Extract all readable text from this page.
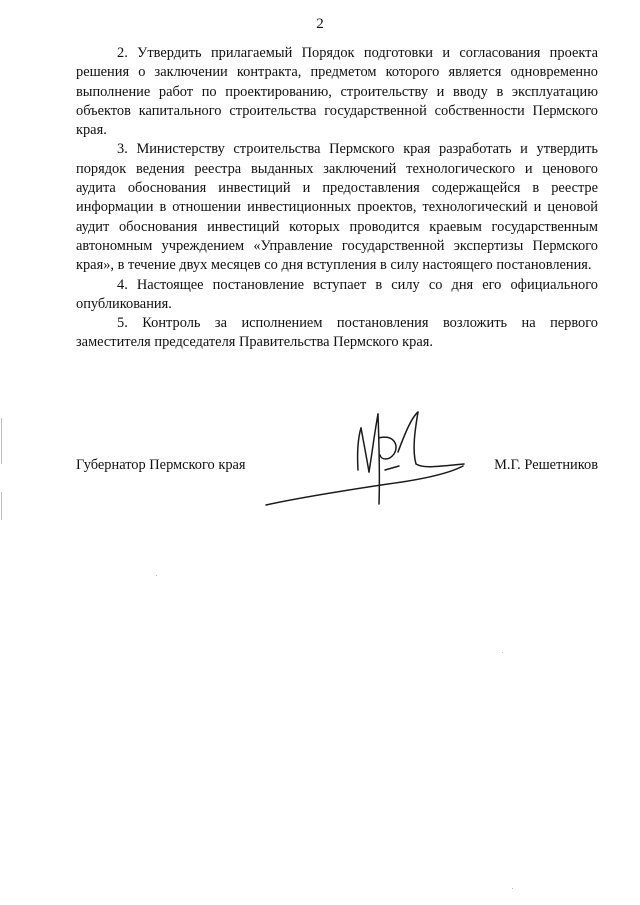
2

2. Утвердить прилагаемый Порядок подготовки и согласования проекта решения о заключении контракта, предметом которого является одновременно выполнение работ по проектированию, строительству и вводу в эксплуатацию объектов капитального строительства государственной собственности Пермского края.

3. Министерству строительства Пермского края разработать и утвердить порядок ведения реестра выданных заключений технологического и ценового аудита обоснования инвестиций и предоставления содержащейся в реестре информации в отношении инвестиционных проектов, технологический и ценовой аудит обоснования инвестиций которых проводится краевым государственным автономным учреждением «Управление государственной экспертизы Пермского края», в течение двух месяцев со дня вступления в силу настоящего постановления.

4. Настоящее постановление вступает в силу со дня его официального опубликования.

5. Контроль за исполнением постановления возложить на первого заместителя председателя Правительства Пермского края.

Губернатор Пермского края	М.Г. Решетников
